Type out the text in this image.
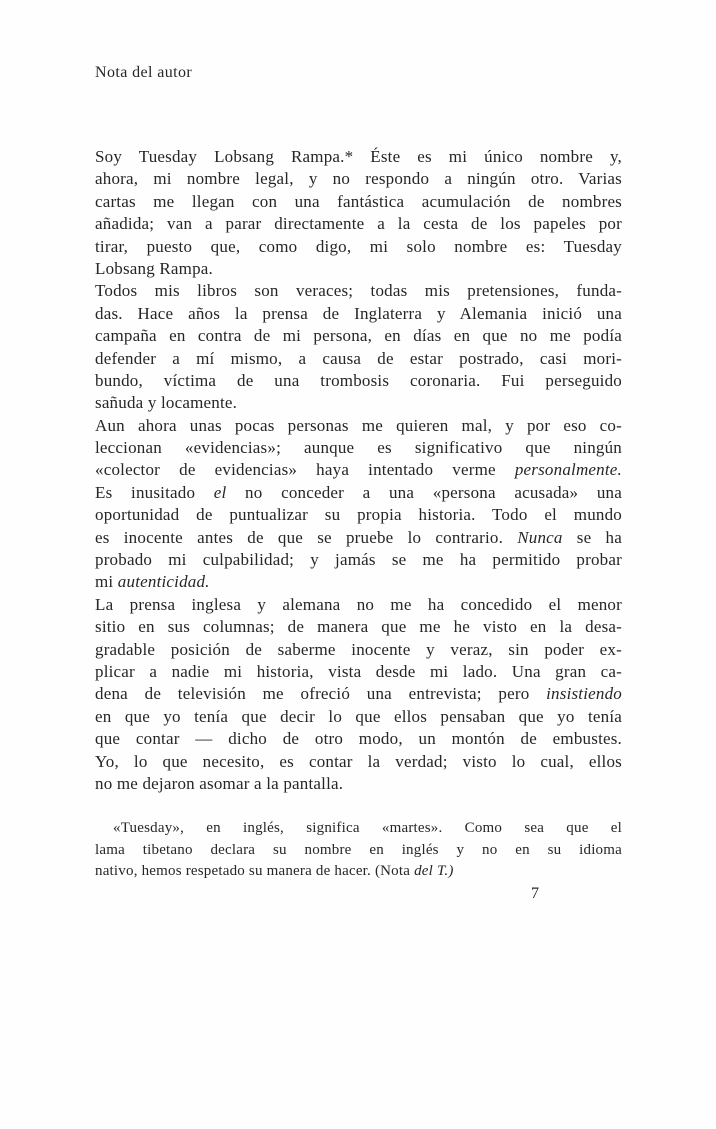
Nota del autor
Soy Tuesday Lobsang Rampa.* Éste es mi único nombre y,
ahora, mi nombre legal, y no respondo a ningún otro. Varias
cartas me llegan con una fantástica acumulación de nombres
añadida; van a parar directamente a la cesta de los papeles por
tirar, puesto que, como digo, mi solo nombre es: Tuesday
Lobsang Rampa.
Todos mis libros son veraces; todas mis pretensiones, funda-
das. Hace años la prensa de Inglaterra y Alemania inició una
campaña en contra de mi persona, en días en que no me podía
defender a mí mismo, a causa de estar postrado, casi mori-
bundo, víctima de una trombosis coronaria. Fui perseguido
sañuda y locamente.
Aun ahora unas pocas personas me quieren mal, y por eso co-
leccionan «evidencias»; aunque es significativo que ningún
«colector de evidencias» haya intentado verme personalmente.
Es inusitado el no conceder a una «persona acusada» una
oportunidad de puntualizar su propia historia. Todo el mundo
es inocente antes de que se pruebe lo contrario. Nunca se ha
probado mi culpabilidad; y jamás se me ha permitido probar
mi autenticidad.
La prensa inglesa y alemana no me ha concedido el menor
sitio en sus columnas; de manera que me he visto en la desa-
gradable posición de saberme inocente y veraz, sin poder ex-
plicar a nadie mi historia, vista desde mi lado. Una gran ca-
dena de televisión me ofreció una entrevista; pero insistiendo
en que yo tenía que decir lo que ellos pensaban que yo tenía
que contar — dicho de otro modo, un montón de embustes.
Yo, lo que necesito, es contar la verdad; visto lo cual, ellos
no me dejaron asomar a la pantalla.
«Tuesday», en inglés, significa «martes». Como sea que el
lama tibetano declara su nombre en inglés y no en su idioma
nativo, hemos respetado su manera de hacer. (Nota del T.)
7
